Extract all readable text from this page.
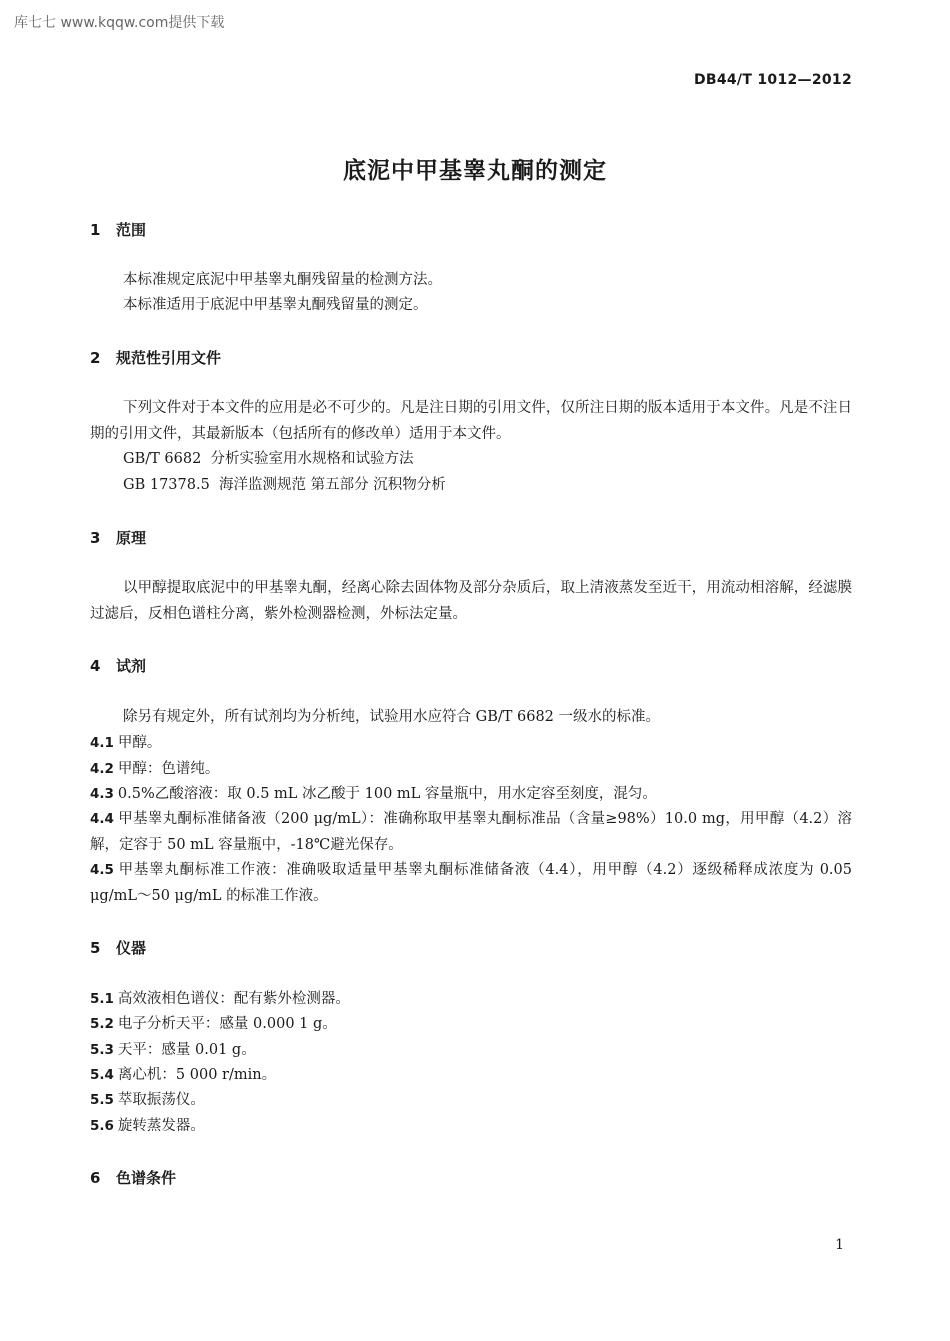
库七七 www.kqqw.com提供下载
DB44/T 1012—2012
底泥中甲基睾丸酮的测定
1 范围
本标准规定底泥中甲基睾丸酮残留量的检测方法。
本标准适用于底泥中甲基睾丸酮残留量的测定。
2 规范性引用文件
下列文件对于本文件的应用是必不可少的。凡是注日期的引用文件，仅所注日期的版本适用于本文件。凡是不注日期的引用文件，其最新版本（包括所有的修改单）适用于本文件。
GB/T 6682  分析实验室用水规格和试验方法
GB 17378.5  海洋监测规范 第五部分 沉积物分析
3 原理
以甲醇提取底泥中的甲基睾丸酮，经离心除去固体物及部分杂质后，取上清液蒸发至近干，用流动相溶解，经滤膜过滤后，反相色谱柱分离，紫外检测器检测，外标法定量。
4 试剂
除另有规定外，所有试剂均为分析纯，试验用水应符合 GB/T 6682 一级水的标准。
4.1 甲醇。
4.2 甲醇：色谱纯。
4.3 0.5%乙酸溶液：取 0.5 mL 冰乙酸于 100 mL 容量瓶中，用水定容至刻度，混匀。
4.4 甲基睾丸酮标准储备液（200 μg/mL）：准确称取甲基睾丸酮标准品（含量≥98%）10.0 mg，用甲醇（4.2）溶解，定容于 50 mL 容量瓶中，-18℃避光保存。
4.5 甲基睾丸酮标准工作液：准确吸取适量甲基睾丸酮标准储备液（4.4），用甲醇（4.2）逐级稀释成浓度为 0.05 μg/mL～50 μg/mL 的标准工作液。
5 仪器
5.1 高效液相色谱仪：配有紫外检测器。
5.2 电子分析天平：感量 0.000 1 g。
5.3 天平：感量 0.01 g。
5.4 离心机：5 000 r/min。
5.5 萃取振荡仪。
5.6 旋转蒸发器。
6 色谱条件
1
